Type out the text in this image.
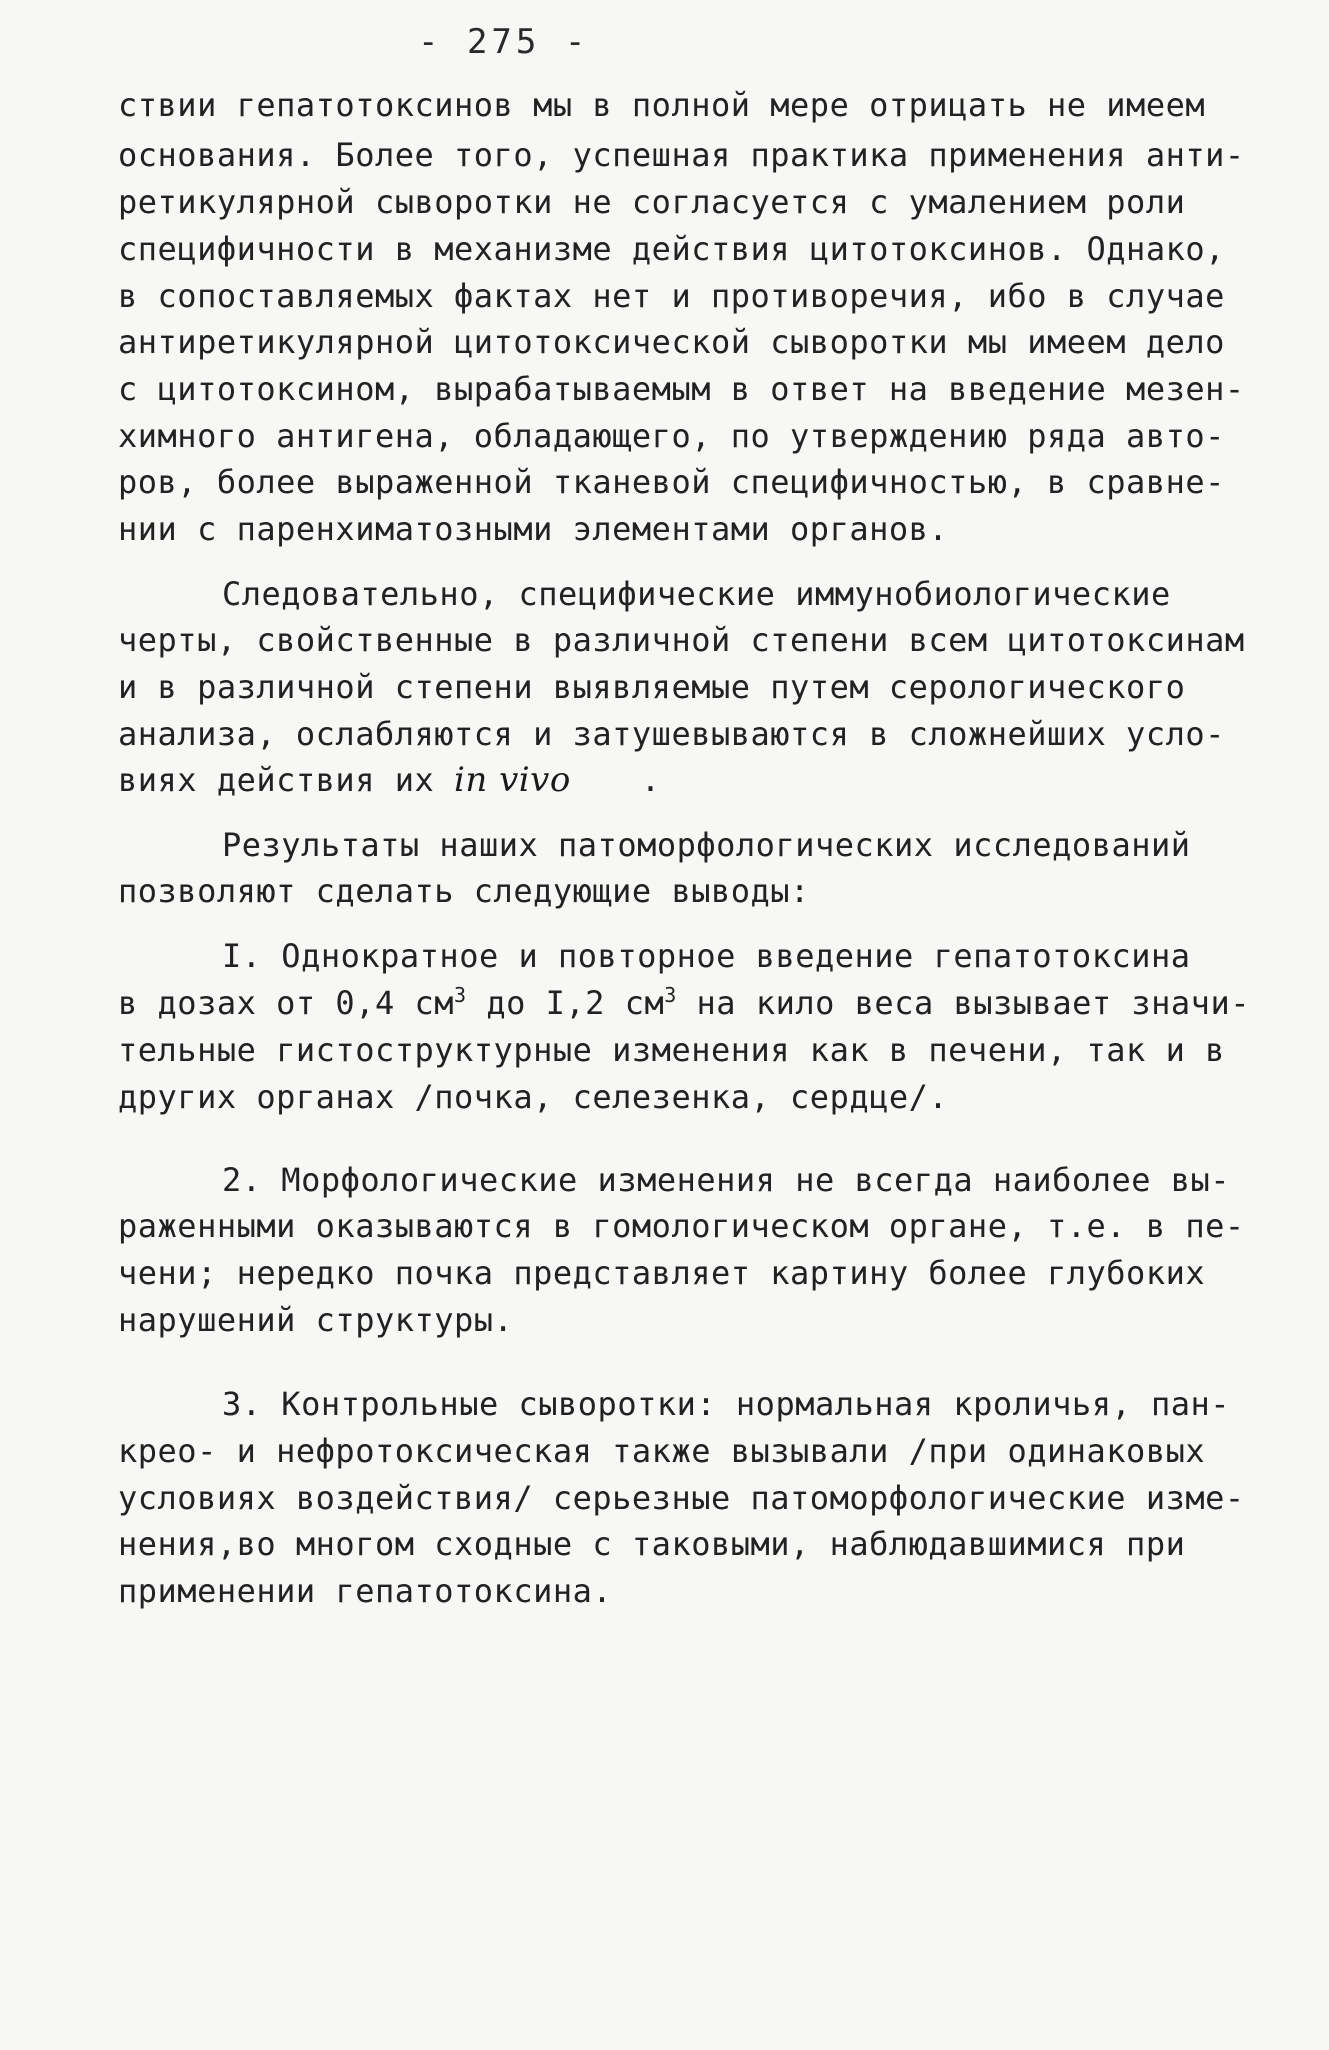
- 275 -
ствии гепатотоксинов мы в полной мере отрицать не имеем
основания. Более того, успешная практика применения анти-
ретикулярной сыворотки не согласуется с умалением роли
специфичности в механизме действия цитотоксинов. Однако,
в сопоставляемых фактах нет и противоречия, ибо в случае
антиретикулярной цитотоксической сыворотки мы имеем дело
с цитотоксином, вырабатываемым в ответ на введение мезен-
химного антигена, обладающего, по утверждению ряда авто-
ров, более выраженной тканевой специфичностью, в сравне-
нии с паренхиматозными элементами органов.
Следовательно, специфические иммунобиологические
черты, свойственные в различной степени всем цитотоксинам
и в различной степени выявляемые путем серологического
анализа, ослабляются и затушевываются в сложнейших усло-
виях действия их in vivo .
Результаты наших патоморфологических исследований
позволяют сделать следующие выводы:
I. Однократное и повторное введение гепатотоксина
в дозах от 0,4 $см^3$ до I,2 $см^3$ на кило веса вызывает значи-
тельные гистоструктурные изменения как в печени, так и в
других органах /почка, селезенка, сердце/.
2. Морфологические изменения не всегда наиболее вы-
раженными оказываются в гомологическом органе, т.е. в пе-
чени; нередко почка представляет картину более глубоких
нарушений структуры.
3. Контрольные сыворотки: нормальная кроличья, пан-
крео- и нефротоксическая также вызывали /при одинаковых
условиях воздействия/ серьезные патоморфологические изме-
нения,во многом сходные с таковыми, наблюдавшимися при
применении гепатотоксина.
